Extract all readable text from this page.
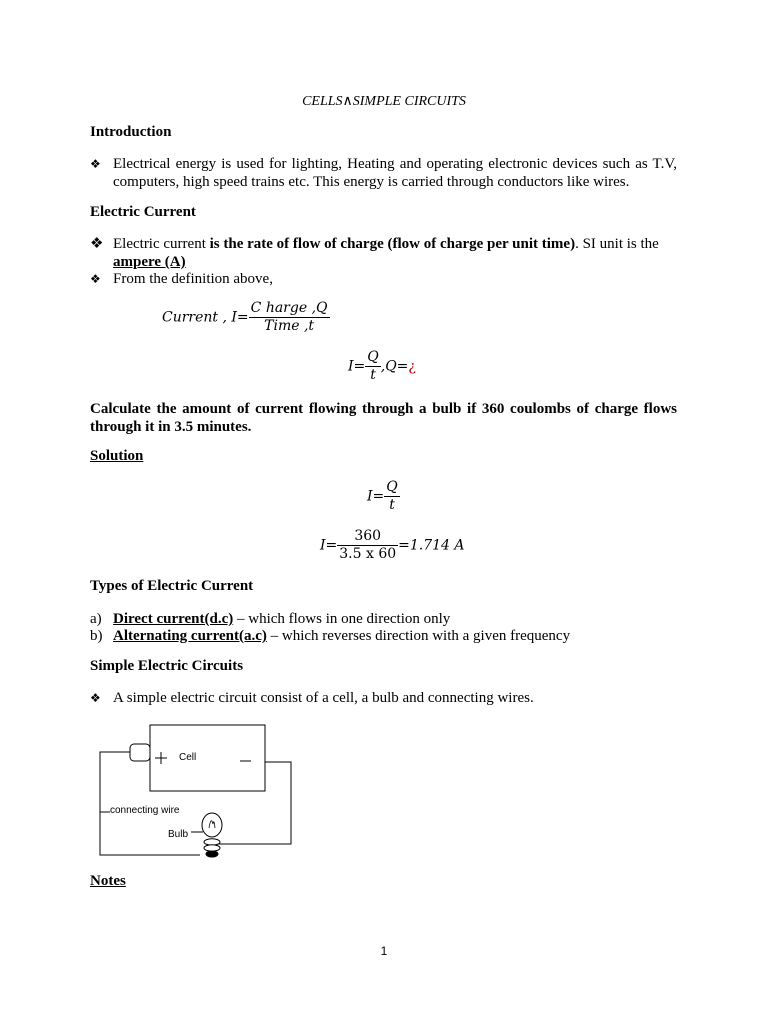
CELLS∧SIMPLE CIRCUITS
Introduction
❖ Electrical energy is used for lighting, Heating and operating electronic devices such as T.V, computers, high speed trains etc. This energy is carried through conductors like wires.
Electric Current
❖ Electric current is the rate of flow of charge (flow of charge per unit time). SI unit is the
ampere (A)
❖ From the definition above,
Current , $I= \frac{\text{C harge ,Q}}{\text{Time ,t}}$
$I= \frac{Q}{t}$ ,Q=¿
Calculate the amount of current flowing through a bulb if 360 coulombs of charge flows through it in 3.5 minutes.
Solution
$I= \frac{Q}{t}$
$I= \frac{360}{3.5 x 60} =1.714$ A
Types of Electric Current
a) Direct current(d.c) – which flows in one direction only
b) Alternating current(a.c) – which reverses direction with a given frequency
Simple Electric Circuits
❖ A simple electric circuit consist of a cell, a bulb and connecting wires.
Cell
connecting wire
Bulb
Notes
1
